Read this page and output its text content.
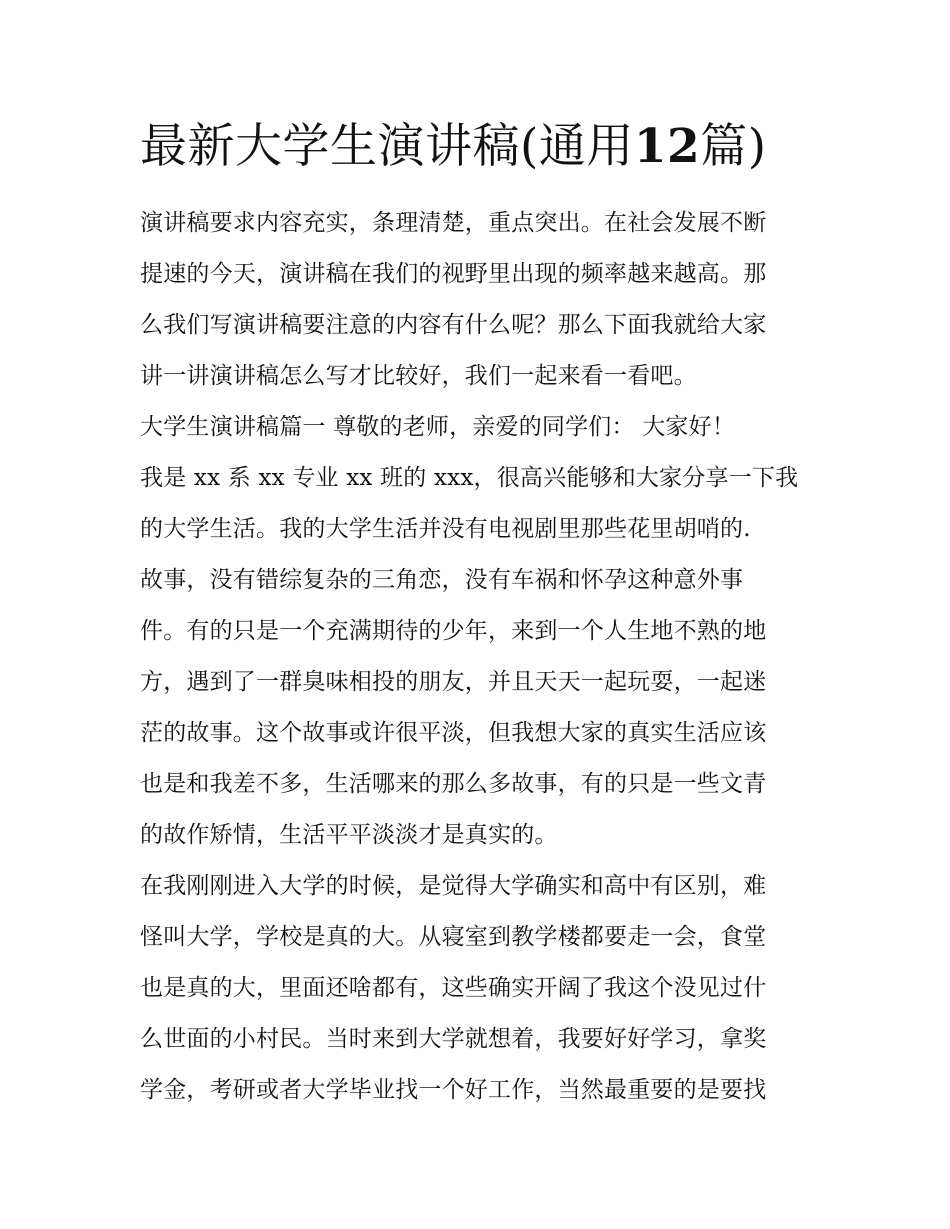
最新大学生演讲稿(通用12篇)
演讲稿要求内容充实，条理清楚，重点突出。在社会发展不断
提速的今天，演讲稿在我们的视野里出现的频率越来越高。那
么我们写演讲稿要注意的内容有什么呢？那么下面我就给大家
讲一讲演讲稿怎么写才比较好，我们一起来看一看吧。
大学生演讲稿篇一 尊敬的老师，亲爱的同学们： 大家好！
我是 xx 系 xx 专业 xx 班的 xxx，很高兴能够和大家分享一下我
的大学生活。我的大学生活并没有电视剧里那些花里胡哨的.
故事，没有错综复杂的三角恋，没有车祸和怀孕这种意外事
件。有的只是一个充满期待的少年，来到一个人生地不熟的地
方，遇到了一群臭味相投的朋友，并且天天一起玩耍，一起迷
茫的故事。这个故事或许很平淡，但我想大家的真实生活应该
也是和我差不多，生活哪来的那么多故事，有的只是一些文青
的故作矫情，生活平平淡淡才是真实的。
在我刚刚进入大学的时候，是觉得大学确实和高中有区别，难
怪叫大学，学校是真的大。从寝室到教学楼都要走一会，食堂
也是真的大，里面还啥都有，这些确实开阔了我这个没见过什
么世面的小村民。当时来到大学就想着，我要好好学习，拿奖
学金，考研或者大学毕业找一个好工作，当然最重要的是要找
